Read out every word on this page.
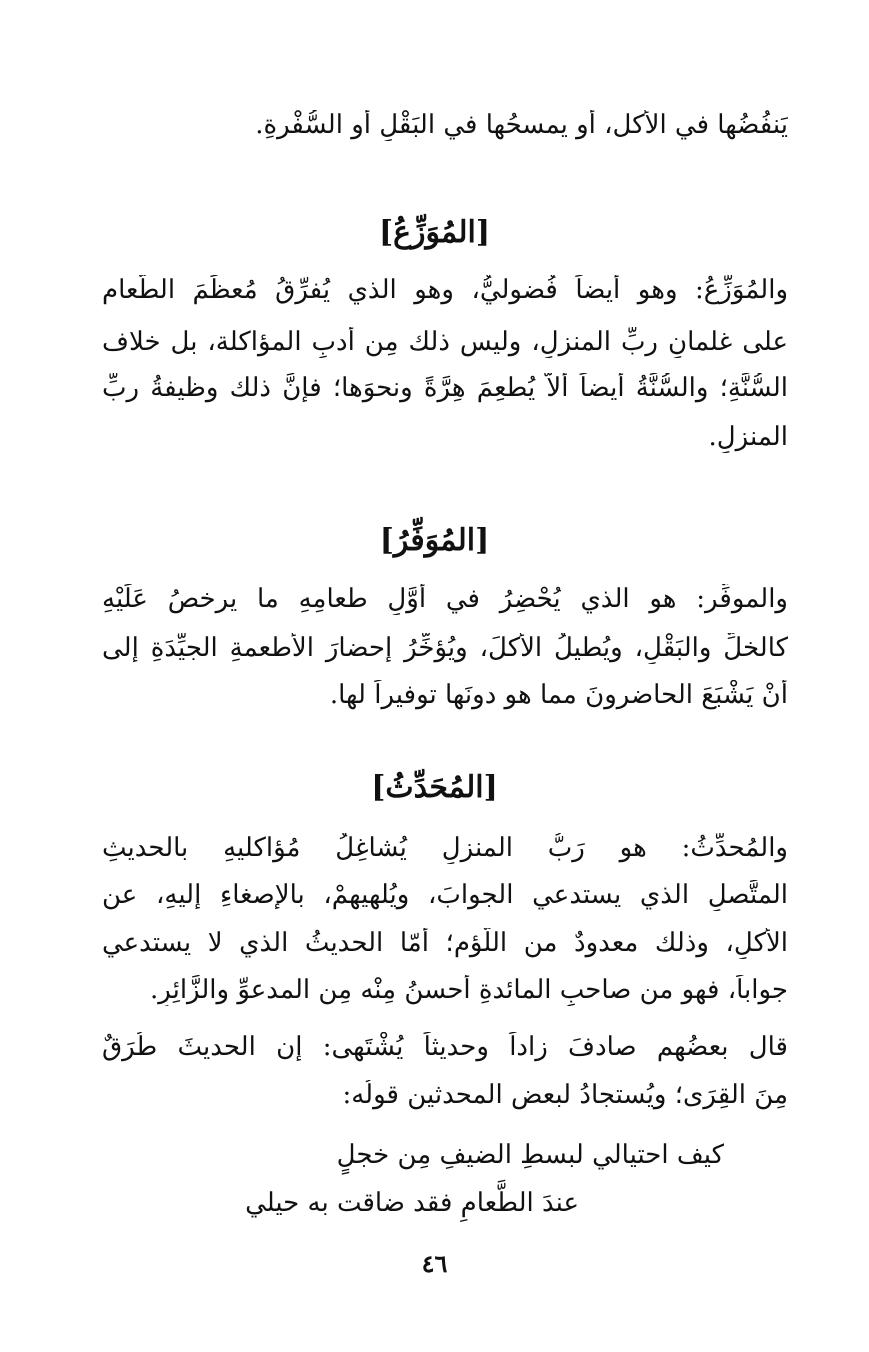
يَنفُضُها في الأكل، أو يمسحُها في البَقْلِ أو السُّفْرةِ.
[المُوَزِّعُ]
والمُوَزِّعُ: وهو أيضاً فُضوليُّ، وهو الذي يُفرِّقُ مُعظَمَ الطَّعامِ
على غلمانِ ربِّ المنزلِ، وليس ذلك مِن أدبِ المؤاكلة، بل خلاف
السُّنَّةِ؛ والسُّنَّةُ أيضاً ألاّ يُطعِمَ هِرَّةً ونحوَها؛ فإنَّ ذلك وظيفةُ ربِّ
المنزلِ.
[المُوَفِّرُ]
والموفِّر: هو الذي يُحْضِرُ في أوَّلِ طعامِهِ ما يرخصُ عَلَيْهِ
كالخلِّ والبَقْلِ، ويُطيلُ الأكلَ، ويُؤخِّرُ إحضارَ الأطعمةِ الجيِّدَةِ إلى
أنْ يَشْبَعَ الحاضرونَ مما هو دونَها توفيراً لها.
[المُحَدِّثُ]
والمُحدِّثُ: هو رَبُّ المنزلِ يُشاغِلُ مُؤاكليهِ بالحديثِ
المتَّصلِ الذي يستدعي الجوابَ، ويُلهيهِمْ، بالإصغاءِ إليهِ، عن
الأكلِ، وذلك معدودٌ من اللُّؤمِ؛ أمّا الحديثُ الذي لا يستدعي
جواباً، فهو من صاحبِ المائدةِ أحسنُ مِنْه مِن المدعوِّ والزَّائِرِ.
قال بعضُهم صادفَ زاداً وحديثاً يُشْتَهى: إن الحديثَ طُرَقٌ
مِنَ القِرَى؛ ويُستجادُ لبعضِ المحدثين قولُه:
كيف احتيالي لبسطِ الضيفِ مِن خجلٍ
عندَ الطَّعامِ فقد ضاقت به حيلي
٤٦
